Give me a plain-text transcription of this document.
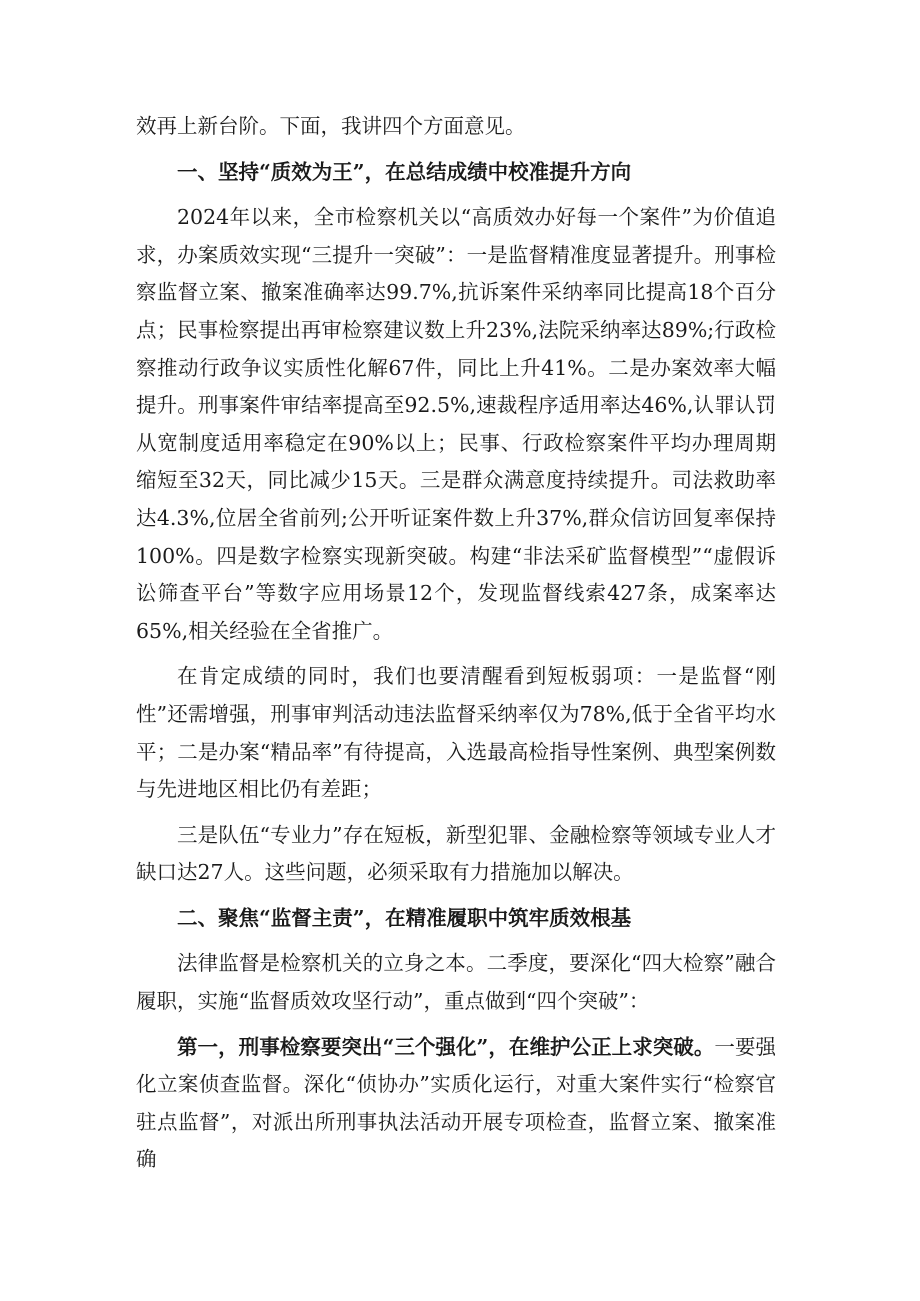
效再上新台阶。下面，我讲四个方面意见。

一、坚持“质效为王”，在总结成绩中校准提升方向

2024年以来，全市检察机关以“高质效办好每一个案件”为价值追求，办案质效实现“三提升一突破”：一是监督精准度显著提升。刑事检察监督立案、撤案准确率达99.7%,抗诉案件采纳率同比提高18个百分点；民事检察提出再审检察建议数上升23%,法院采纳率达89%;行政检察推动行政争议实质性化解67件，同比上升41%。二是办案效率大幅提升。刑事案件审结率提高至92.5%,速裁程序适用率达46%,认罪认罚从宽制度适用率稳定在90%以上；民事、行政检察案件平均办理周期缩短至32天，同比减少15天。三是群众满意度持续提升。司法救助率达4.3%,位居全省前列;公开听证案件数上升37%,群众信访回复率保持100%。四是数字检察实现新突破。构建“非法采矿监督模型”“虚假诉讼筛查平台”等数字应用场景12个，发现监督线索427条，成案率达65%,相关经验在全省推广。

在肯定成绩的同时，我们也要清醒看到短板弱项：一是监督“刚性”还需增强，刑事审判活动违法监督采纳率仅为78%,低于全省平均水平；二是办案“精品率”有待提高，入选最高检指导性案例、典型案例数与先进地区相比仍有差距；

三是队伍“专业力”存在短板，新型犯罪、金融检察等领域专业人才缺口达27人。这些问题，必须采取有力措施加以解决。

二、聚焦“监督主责”，在精准履职中筑牢质效根基

法律监督是检察机关的立身之本。二季度，要深化“四大检察”融合履职，实施“监督质效攻坚行动”，重点做到“四个突破”：

第一，刑事检察要突出“三个强化”，在维护公正上求突破。一要强化立案侦查监督。深化“侦协办”实质化运行，对重大案件实行“检察官驻点监督”，对派出所刑事执法活动开展专项检查，监督立案、撤案准确
